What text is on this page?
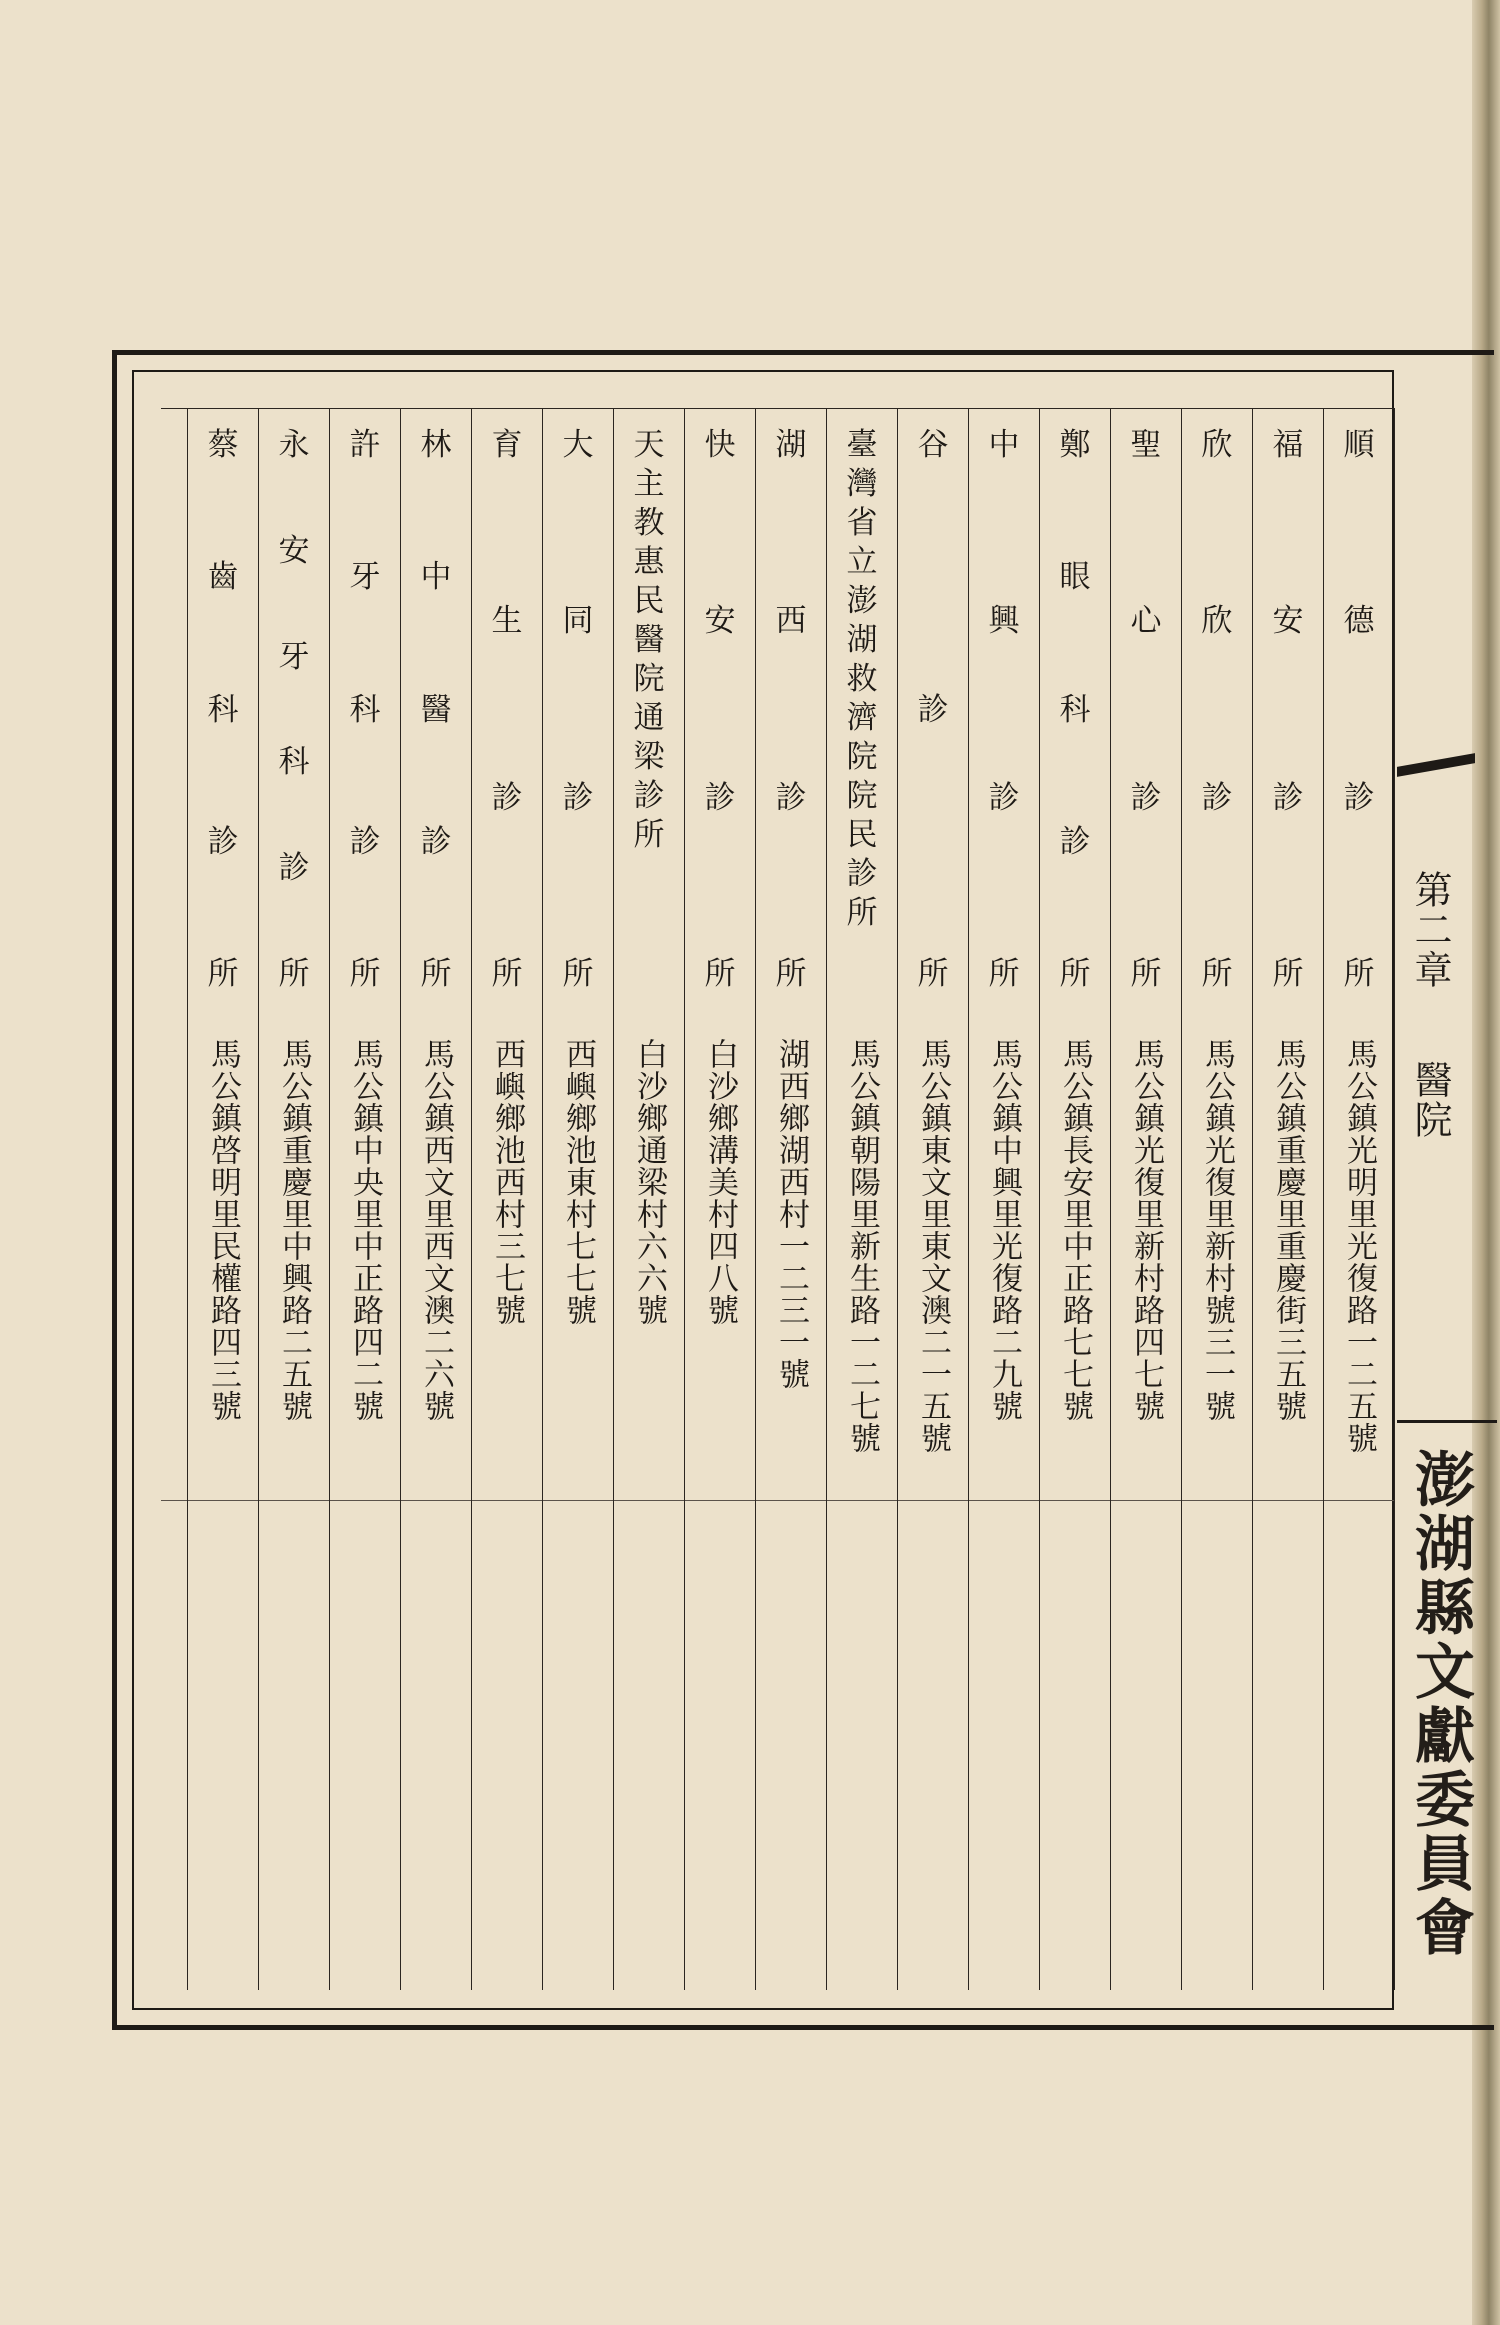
順
德
診
所
馬公鎮光明里光復路一二五號
福
安
診
所
馬公鎮重慶里重慶街三五號
欣
欣
診
所
馬公鎮光復里新村號三一號
聖
心
診
所
馬公鎮光復里新村路四七號
鄭
眼
科
診
所
馬公鎮長安里中正路七七號
中
興
診
所
馬公鎮中興里光復路二九號
谷
診
所
馬公鎮東文里東文澳二一五號
臺
灣
省
立
澎
湖
救
濟
院
院
民
診
所
馬公鎮朝陽里新生路一二七號
湖
西
診
所
湖西鄉湖西村一二三一號
快
安
診
所
白沙鄉溝美村四八號
天
主
教
惠
民
醫
院
通
梁
診
所
白沙鄉通梁村六六號
大
同
診
所
西嶼鄉池東村七七號
育
生
診
所
西嶼鄉池西村三七號
林
中
醫
診
所
馬公鎮西文里西文澳二六號
許
牙
科
診
所
馬公鎮中央里中正路四二號
永
安
牙
科
診
所
馬公鎮重慶里中興路二五號
蔡
齒
科
診
所
馬公鎮啓明里民權路四三號
第二章醫院
澎湖縣文獻委員會
